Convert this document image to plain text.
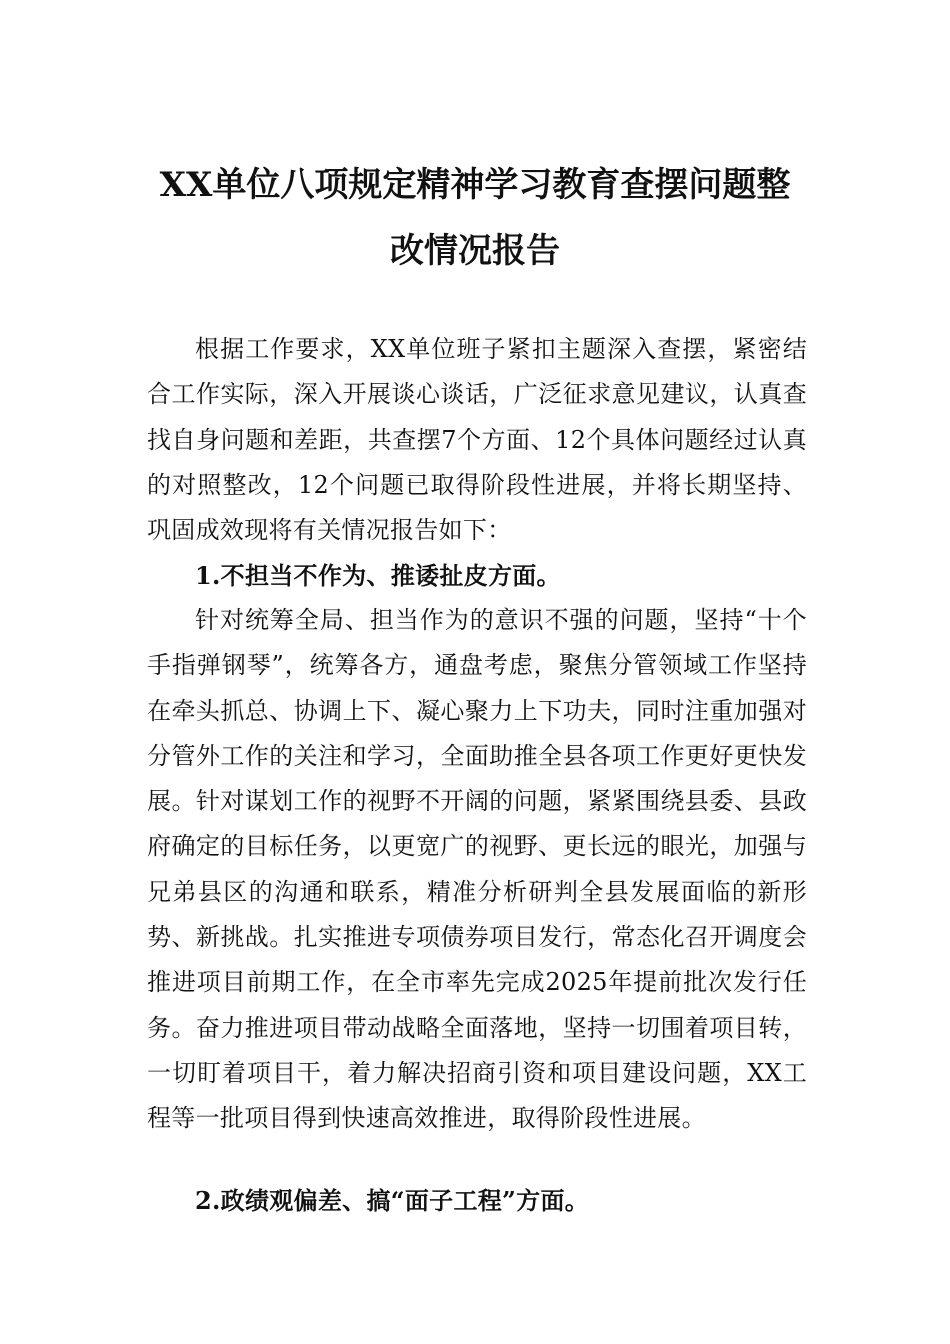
XX单位八项规定精神学习教育查摆问题整
改情况报告

根据工作要求，XX单位班子紧扣主题深入查摆，紧密结合工作实际，深入开展谈心谈话，广泛征求意见建议，认真查找自身问题和差距，共查摆7个方面、12个具体问题经过认真的对照整改，12个问题已取得阶段性进展，并将长期坚持、巩固成效现将有关情况报告如下：

1.不担当不作为、推诿扯皮方面。

针对统筹全局、担当作为的意识不强的问题，坚持“十个手指弹钢琴”，统筹各方，通盘考虑，聚焦分管领域工作坚持在牵头抓总、协调上下、凝心聚力上下功夫，同时注重加强对分管外工作的关注和学习，全面助推全县各项工作更好更快发展。针对谋划工作的视野不开阔的问题，紧紧围绕县委、县政府确定的目标任务，以更宽广的视野、更长远的眼光，加强与兄弟县区的沟通和联系，精准分析研判全县发展面临的新形势、新挑战。扎实推进专项债券项目发行，常态化召开调度会推进项目前期工作，在全市率先完成2025年提前批次发行任务。奋力推进项目带动战略全面落地，坚持一切围着项目转，一切盯着项目干，着力解决招商引资和项目建设问题，XX工程等一批项目得到快速高效推进，取得阶段性进展。

2.政绩观偏差、搞“面子工程”方面。
